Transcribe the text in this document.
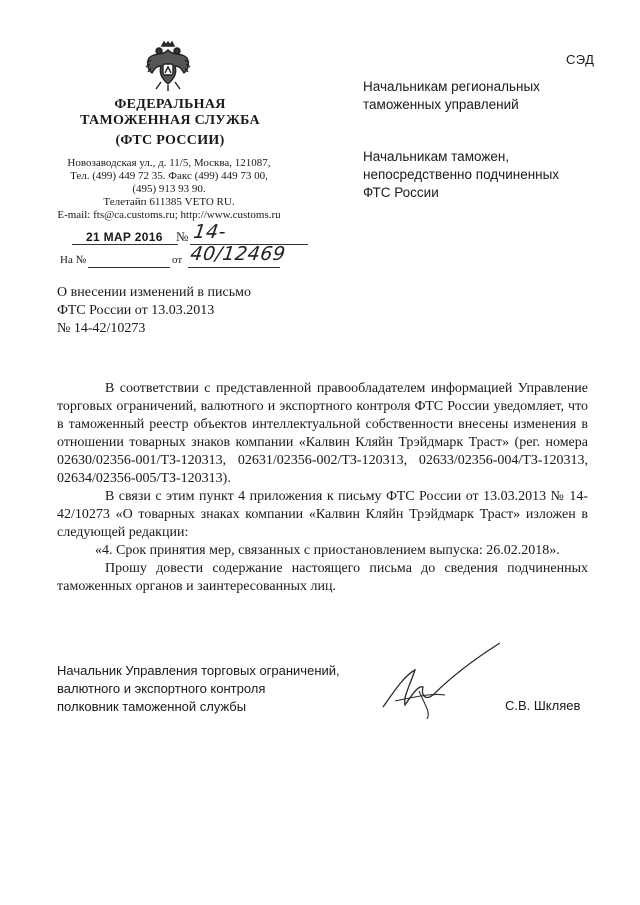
ФЕДЕРАЛЬНАЯ
ТАМОЖЕННАЯ СЛУЖБА
(ФТС РОССИИ)
Новозаводская ул., д. 11/5, Москва, 121087,
Тел. (499) 449 72 35. Факс (499) 449 73 00,
(495) 913 93 90.
Телетайп 611385 VETO RU.
E-mail: fts@ca.customs.ru; http://www.customs.ru
21 МАР 2016 № 14-40/12469
На №	от
СЭД
Начальникам региональных
таможенных управлений
Начальникам таможен,
непосредственно подчиненных
ФТС России
О внесении изменений в письмо
ФТС России от 13.03.2013
№ 14-42/10273

В соответствии с представленной правообладателем информацией Управление торговых ограничений, валютного и экспортного контроля ФТС России уведомляет, что в таможенный реестр объектов интеллектуальной собственности внесены изменения в отношении товарных знаков компании «Калвин Кляйн Трэйдмарк Траст» (рег. номера 02630/02356-001/ТЗ-120313, 02631/02356-002/ТЗ-120313, 02633/02356-004/ТЗ-120313, 02634/02356-005/ТЗ-120313).

В связи с этим пункт 4 приложения к письму ФТС России от 13.03.2013 № 14-42/10273 «О товарных знаках компании «Калвин Кляйн Трэйдмарк Траст» изложен в следующей редакции:

«4. Срок принятия мер, связанных с приостановлением выпуска: 26.02.2018».

Прошу довести содержание настоящего письма до сведения подчиненных таможенных органов и заинтересованных лиц.

Начальник Управления торговых ограничений,
валютного и экспортного контроля
полковник таможенной службы	С.В. Шкляев
